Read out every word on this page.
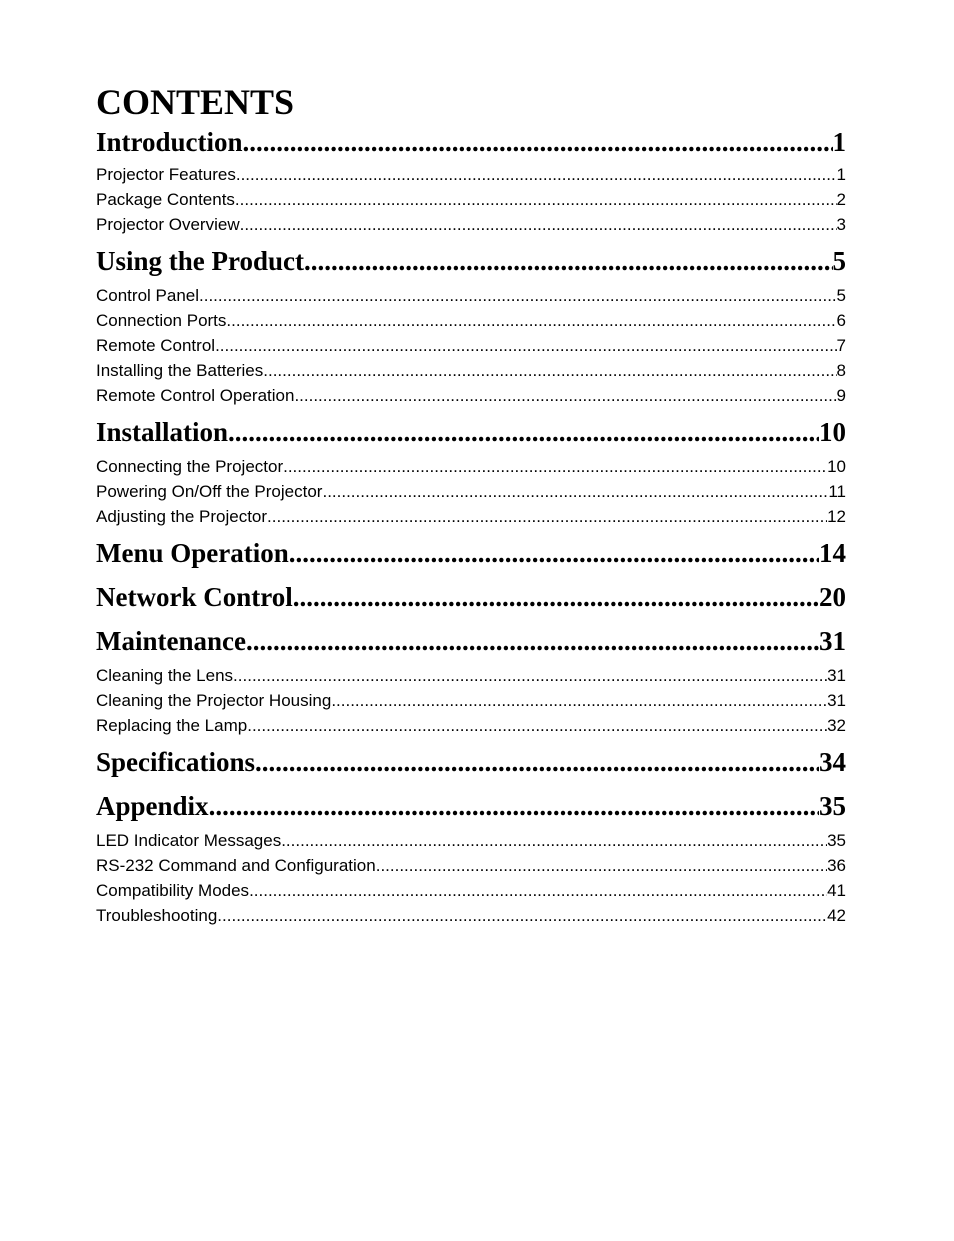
CONTENTS
Introduction .....	1
Projector Features .....	1
Package Contents .....	2
Projector Overview .....	3
Using the Product .....	5
Control Panel .....	5
Connection Ports .....	6
Remote Control .....	7
Installing the Batteries .....	8
Remote Control Operation .....	9
Installation .....	10
Connecting the Projector .....	10
Powering On/Off the Projector .....	11
Adjusting the Projector .....	12
Menu Operation .....	14
Network Control .....	20
Maintenance .....	31
Cleaning the Lens .....	31
Cleaning the Projector Housing .....	31
Replacing the Lamp .....	32
Specifications .....	34
Appendix .....	35
LED Indicator Messages .....	35
RS-232 Command and Configuration .....	36
Compatibility Modes .....	41
Troubleshooting .....	42
